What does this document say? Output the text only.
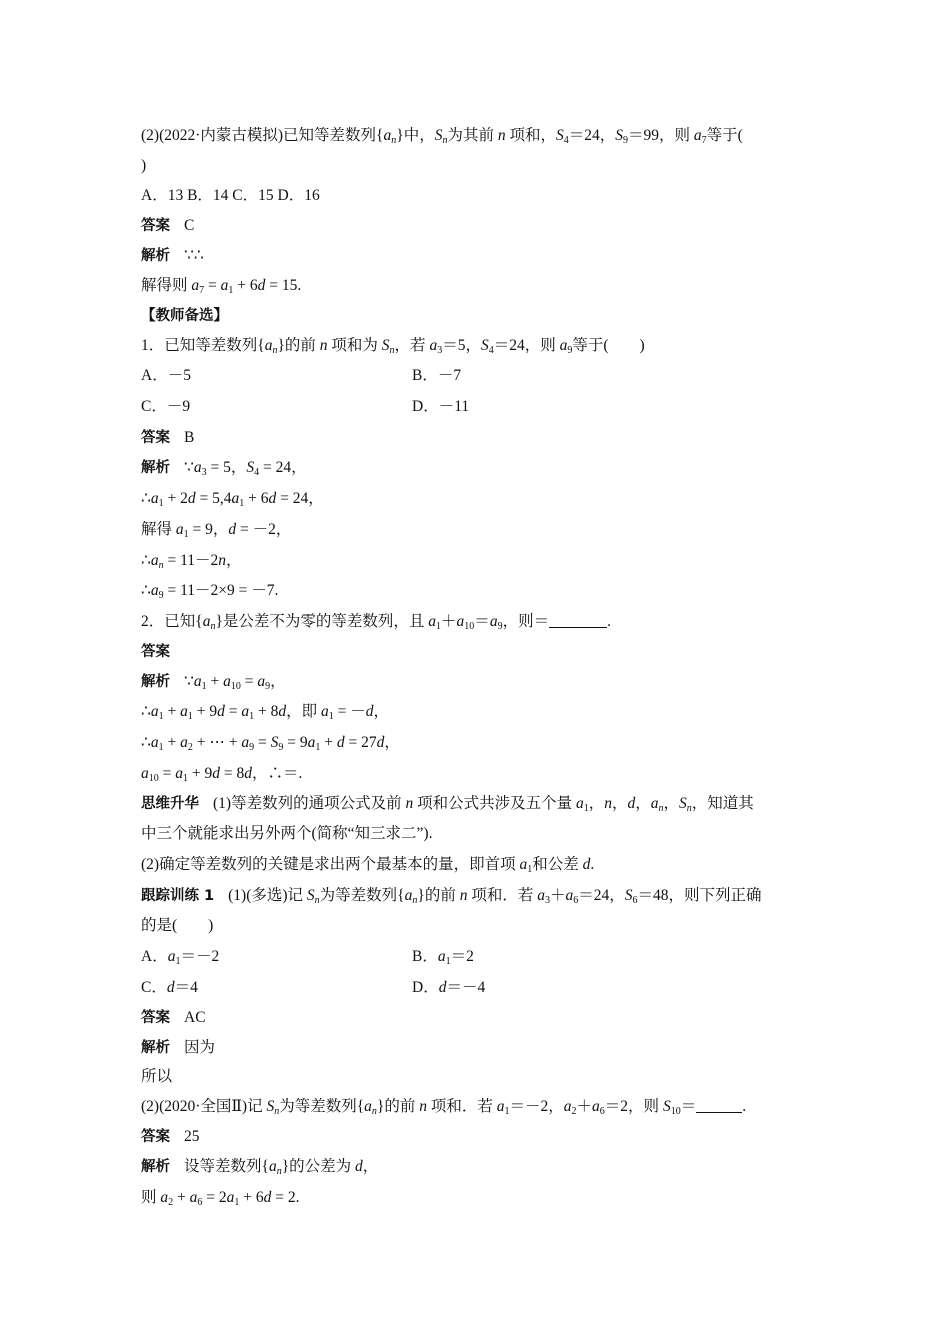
(2)(2022·内蒙古模拟)已知等差数列$\{a_n\}$中，$S_n$为其前 n 项和，$S_4=24$，$S_9=99$，则 $a_7$等于(
)
A．13 B．14 C．15 D．16
答案 C
解析 ∵∴
解得则 $a_7 = a_1 + 6d = 15$.
【教师备选】
1．已知等差数列$\{a_n\}$的前 n 项和为 $S_n$，若 $a_3=5$，$S_4=24$，则 $a_9$等于(　　)
A．－5	B．－7
C．－9	D．－11
答案 B
解析 $\because a_3 = 5$，$S_4 = 24$，
$\therefore a_1 + 2d = 5,4a_1 + 6d = 24$，
解得 $a_1 = 9$，d = －2，
$\therefore a_n = 11-2n$，
$\therefore a_9 = 11-2\times 9 = -7$.
2．已知$\{a_n\}$是公差不为零的等差数列，且 $a_1+a_{10}=a_9$，则＝	.
答案
解析 $\because a_1 + a_{10} = a_9$，
$\therefore a_1 + a_1 + 9d = a_1 + 8d$，即 $a_1 = -d$，
$\therefore a_1 + a_2$ + ⋯ + $a_9 = S_9 = 9a_1 + d = 27d$，
$a_{10} = a_1 + 9d = 8d$，∴＝.
思维升华 (1)等差数列的通项公式及前 n 项和公式共涉及五个量 $a_1$，n，d，$a_n$，$S_n$，知道其
中三个就能求出另外两个(简称“知三求二”).
(2)确定等差数列的关键是求出两个最基本的量，即首项 $a_1$和公差 d.
跟踪训练 1 (1)(多选)记 $S_n$为等差数列$\{a_n\}$的前 n 项和．若 $a_3+a_6=24$，$S_6=48$，则下列正确
的是(　　)
A．$a_1=-2$	B．$a_1=2$
C．d＝4	D．d＝－4
答案 AC
解析 因为
所以
(2)(2020·全国Ⅱ)记 $S_n$为等差数列$\{a_n\}$的前 n 项和．若 $a_1=-2$，$a_2+a_6=2$，则 $S_{10}=$	.
答案 25
解析 设等差数列$\{a_n\}$的公差为 d，
则 $a_2 + a_6 = 2a_1 + 6d = 2$.
